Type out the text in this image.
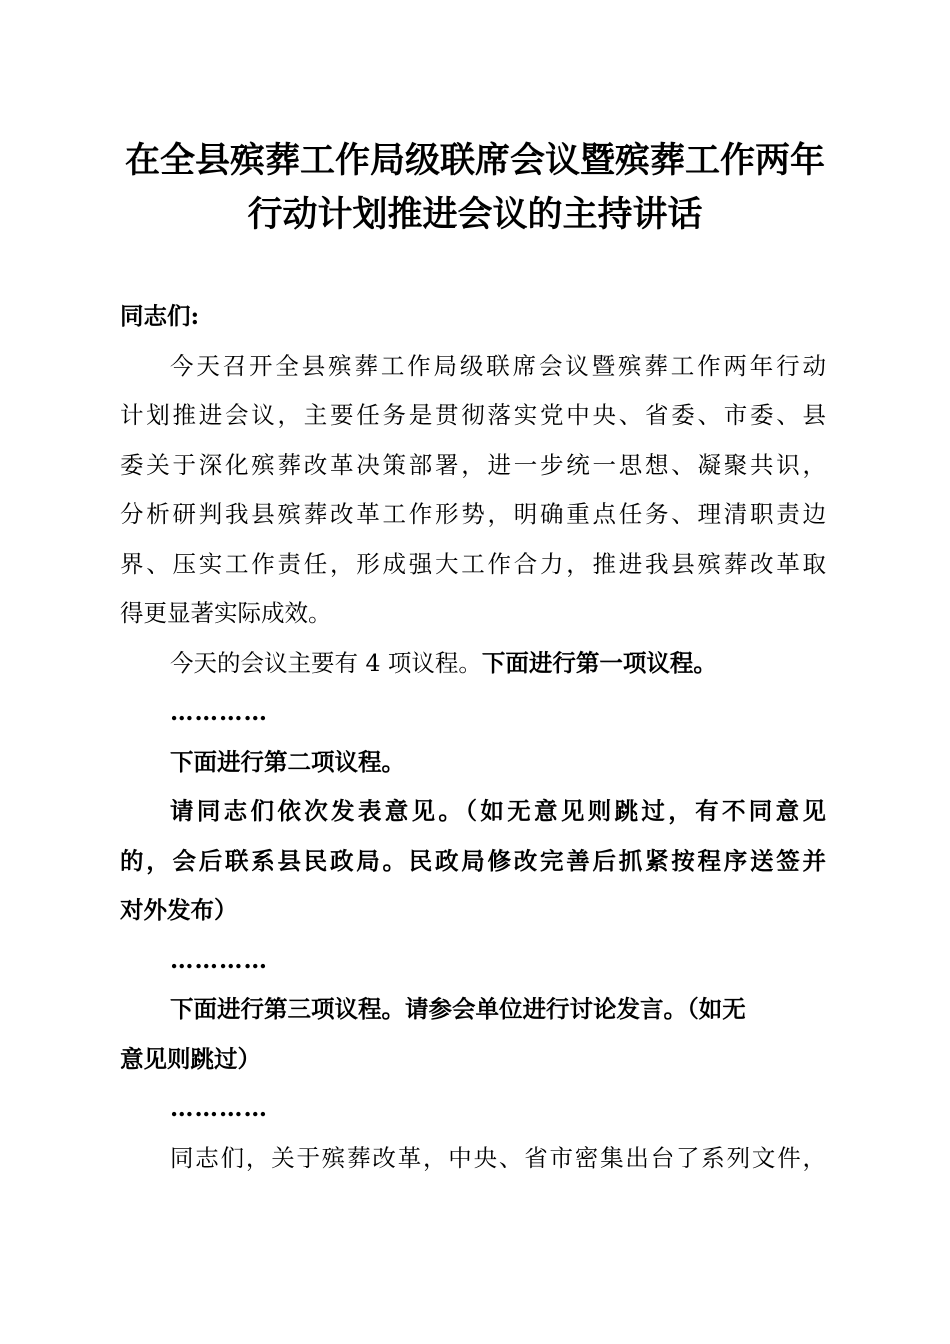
在全县殡葬工作局级联席会议暨殡葬工作两年
行动计划推进会议的主持讲话
同志们:
今天召开全县殡葬工作局级联席会议暨殡葬工作两年行动
计划推进会议，主要任务是贯彻落实党中央、省委、市委、县
委关于深化殡葬改革决策部署，进一步统一思想、凝聚共识，
分析研判我县殡葬改革工作形势，明确重点任务、理清职责边
界、压实工作责任，形成强大工作合力，推进我县殡葬改革取
得更显著实际成效。
今天的会议主要有 4 项议程。下面进行第一项议程。
…………
下面进行第二项议程。
请同志们依次发表意见。（如无意见则跳过，有不同意见
的，会后联系县民政局。民政局修改完善后抓紧按程序送签并
对外发布）
…………
下面进行第三项议程。请参会单位进行讨论发言。（如无
意见则跳过）
…………
同志们，关于殡葬改革，中央、省市密集出台了系列文件，
